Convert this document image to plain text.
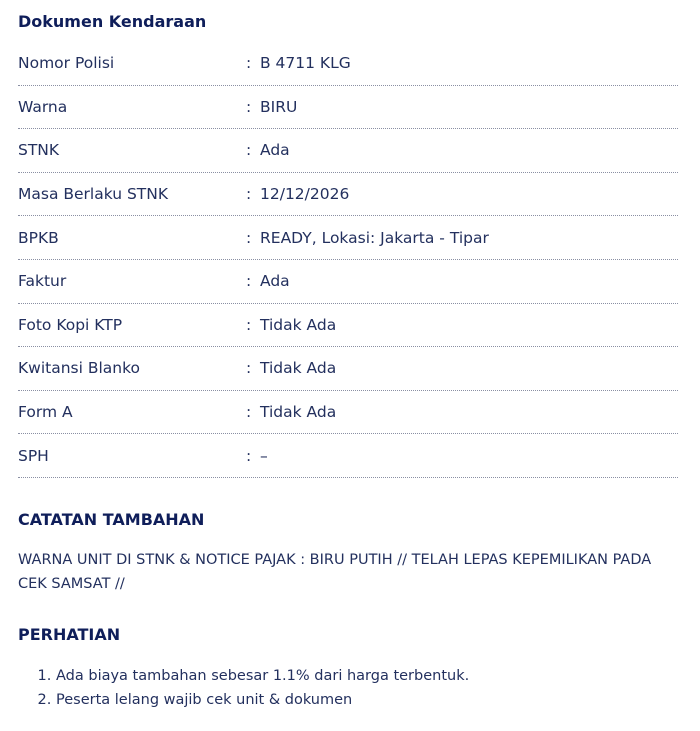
Dokumen Kendaraan
Nomor Polisi	: B 4711 KLG
Warna	: BIRU
STNK	: Ada
Masa Berlaku STNK	: 12/12/2026
BPKB	: READY, Lokasi: Jakarta - Tipar
Faktur	: Ada
Foto Kopi KTP	: Tidak Ada
Kwitansi Blanko	: Tidak Ada
Form A	: Tidak Ada
SPH	: –
CATATAN TAMBAHAN
WARNA UNIT DI STNK & NOTICE PAJAK : BIRU PUTIH // TELAH LEPAS KEPEMILIKAN PADA CEK SAMSAT //
PERHATIAN
1. Ada biaya tambahan sebesar 1.1% dari harga terbentuk.
2. Peserta lelang wajib cek unit & dokumen
